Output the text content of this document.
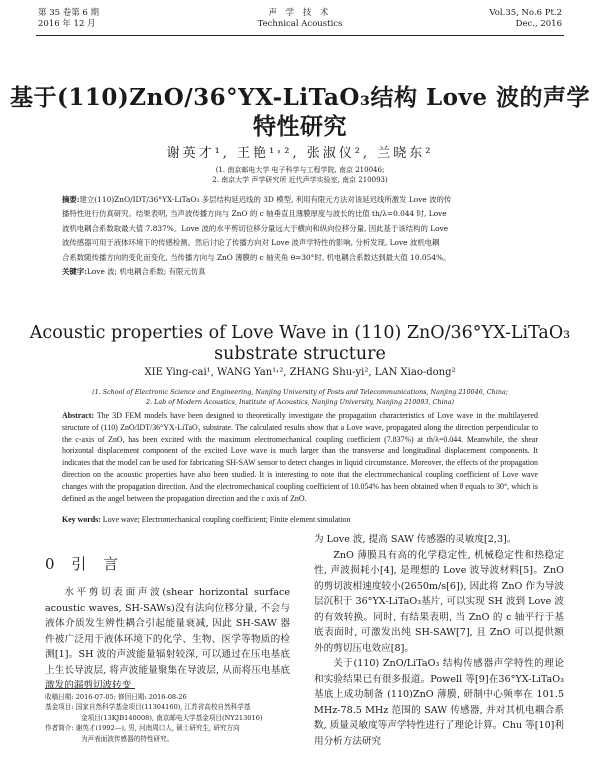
第 35 卷第 6 期
2016 年 12 月
声 学 技 术
Technical Acoustics
Vol.35, No.6 Pt.2
Dec., 2016
基于(110)ZnO/36°YX-LiTaO₃结构 Love 波的声学
特性研究
谢英才¹, 王艳¹˒², 张淑仪², 兰晓东²
(1. 南京邮电大学 电子科学与工程学院, 南京 210046;
2. 南京大学 声学研究所 近代声学实验室, 南京 210093)
摘要:建立(110)ZnO/IDT/36°YX-LiTaO₃ 多层结构延迟线的 3D 模型, 利用有限元方法对该延迟线所激发 Love 波的传
播特性进行仿真研究。结果表明, 当声波传播方向与 ZnO 的 c 轴垂直且薄膜厚度与波长的比值 th/λ=0.044 时, Love
波机电耦合系数取最大值 7.837%。Love 波的水平剪切位移分量远大于横向和纵向位移分量, 因此基于该结构的 Love
波传感器可用于液体环境下的传感检测。然后讨论了传播方向对 Love 波声学特性的影响, 分析发现, Love 波机电耦
合系数随传播方向的变化而变化, 当传播方向与 ZnO 薄膜的 c 轴夹角 θ=30°时, 机电耦合系数达到最大值 10.054%。
关键字:Love 波; 机电耦合系数; 有限元仿真
Acoustic properties of Love Wave in (110) ZnO/36°YX-LiTaO₃
substrate structure
XIE Ying-cai¹, WANG Yan¹˒², ZHANG Shu-yi², LAN Xiao-dong²
(1. School of Electronic Science and Engineering, Nanjing University of Posts and Telecommunications, Nanjing 210046, China;
2. Lab of Modern Acoustics, Institute of Acoustics, Nanjing University, Nanjing 210093, China)
Abstract: The 3D FEM models have been designed to theoretically investigate the propagation characteristics of Love wave in the multilayered structure of (110) ZnO/IDT/36°YX-LiTaO₃ substrate. The calculated results show that a Love wave, propagated along the direction perpendicular to the c-axis of ZnO, has been excited with the maximum electromechanical coupling coefficient (7.837%) at th/λ=0.044. Meanwhile, the shear horizontal displacement component of the excited Love wave is much larger than the transverse and longitudinal displacement components. It indicates that the model can be used for fabricating SH-SAW sensor to detect changes in liquid circumstance. Moreover, the effects of the propagation direction on the acoustic properties have also been studied. It is interesting to note that the electromechanical coupling coefficient of Love wave changes with the propagation direction. And the electromechanical coupling coefficient of 10.054% has been obtained when θ equals to 30°, which is defined as the angel between the propagation direction and the c axis of ZnO.
Key words: Love wave; Electromechanical coupling coefficient; Finite element simulation
0 引 言
水平剪切表面声波(shear horizontal surface acoustic waves, SH-SAWs)没有法向位移分量, 不会与液体介质发生辨性耦合引起能量衰减, 因此 SH-SAW 器件被广泛用于液体环境下的化学、生物、医学等物质的检测[1]。SH 波的声波能量辐射较深, 可以通过在压电基底上生长导波层, 将声波能量聚集在导波层, 从而将压电基底激发的漏剪切波转变

为 Love 波, 提高 SAW 传感器的灵敏度[2,3]。

ZnO 薄膜具有高的化学稳定性, 机械稳定性和热稳定性, 声波损耗小[4], 是理想的 Love 波导波材料[5]。ZnO 的剪切波相速度较小(2650m/s[6]), 因此将 ZnO 作为导波层沉积于 36°YX-LiTaO₃基片, 可以实现 SH 波到 Love 波的有效转换。同时, 有结果表明, 当 ZnO 的 c 轴平行于基底表面时, 可激发出纯 SH-SAW[7], 且 ZnO 可以提供额外的剪切压电效应[8]。

关于(110) ZnO/LiTaO₃ 结构传感器声学特性的理论和实验结果已有很多报道。Powell 等[9]在36°YX-LiTaO₃ 基底上成功制备 (110)ZnO 薄膜, 研制中心频率在 101.5 MHz-78.5 MHz 范围的 SAW 传感器, 并对其机电耦合系数, 质量灵敏度等声学特性进行了理论计算。Chu 等[10]利用分析方法研究

收稿日期: 2016-07-05; 修回日期: 2016-08-26
基金项目: 国家自然科学基金项目(11304160), 江苏省高校自然科学基
金项目(13KJB140008), 南京邮电大学基金项目(NY213016)
作者简介: 谢英才(1992—), 男, 河南周口人, 硕士研究生, 研究方向
为声表面波传感器的特性研究。
